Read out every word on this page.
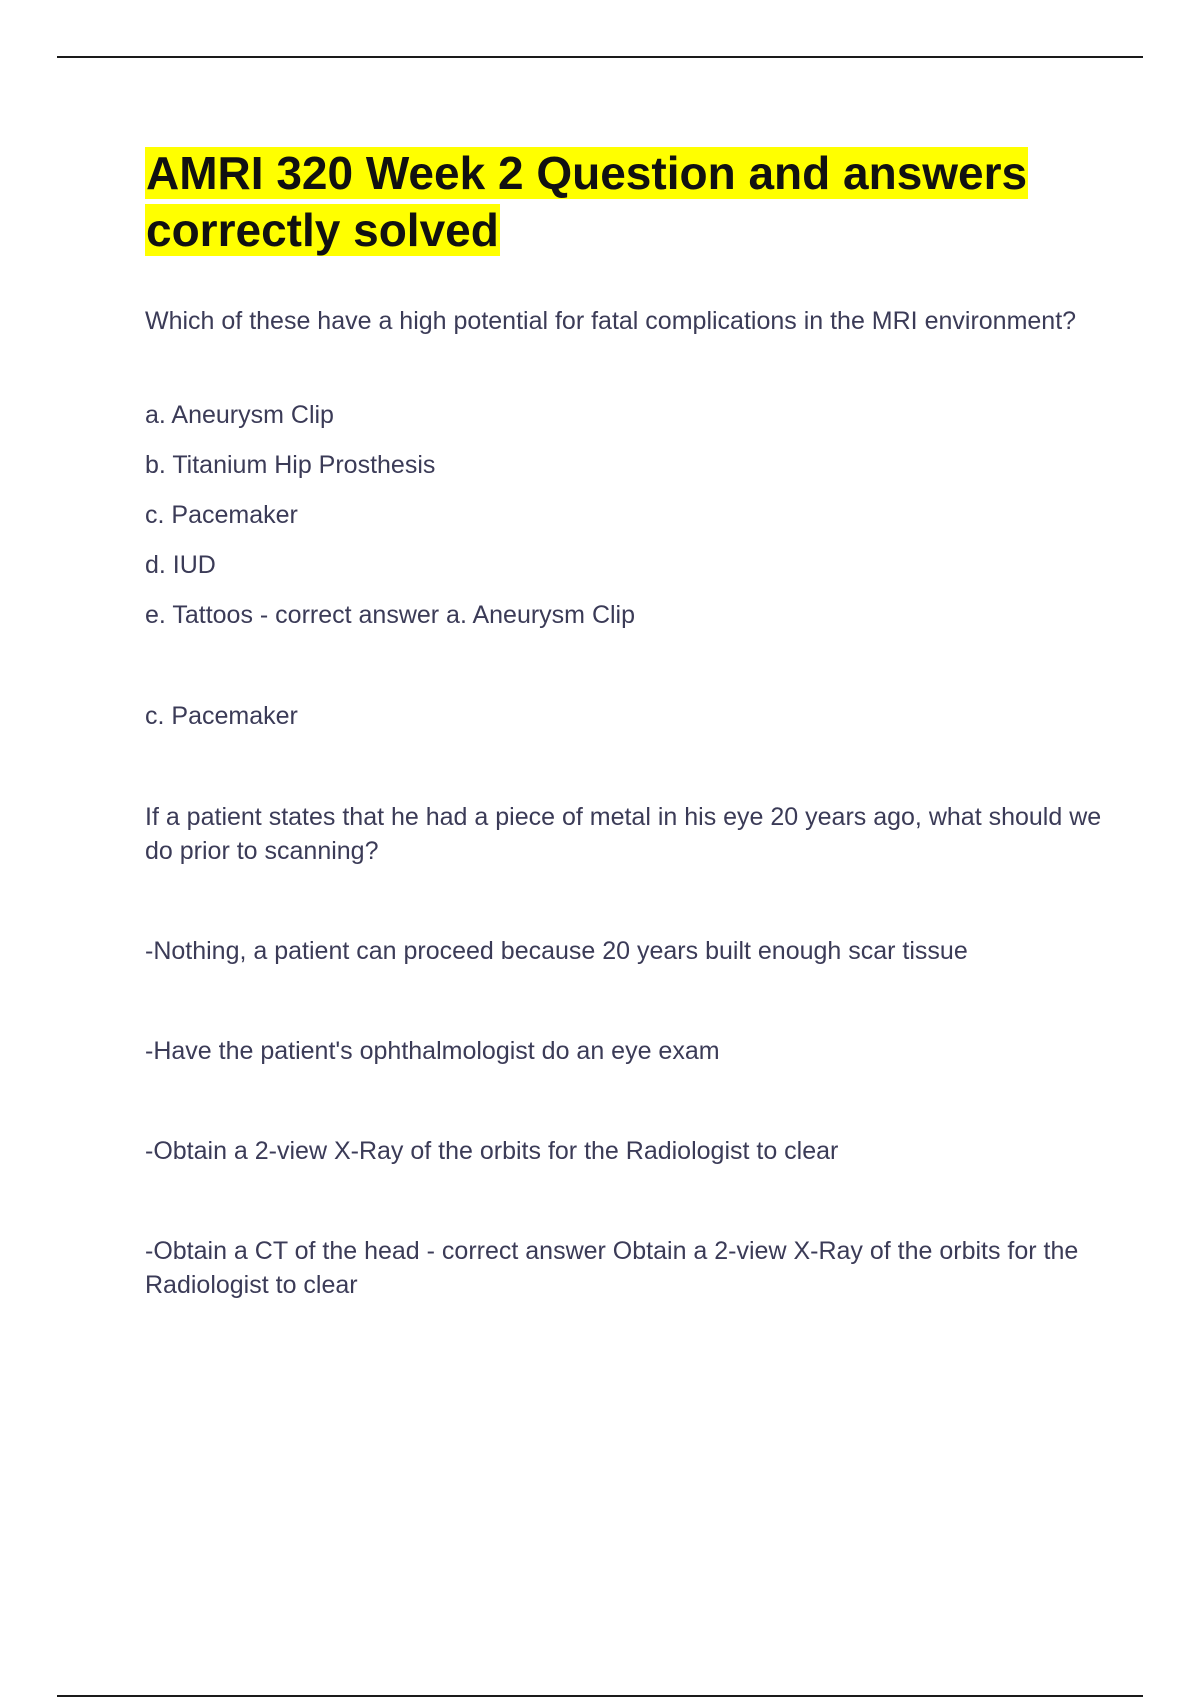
AMRI 320 Week 2 Question and answers correctly solved

Which of these have a high potential for fatal complications in the MRI environment?

a. Aneurysm Clip

b. Titanium Hip Prosthesis

c. Pacemaker

d. IUD

e. Tattoos - correct answer a. Aneurysm Clip

c. Pacemaker

If a patient states that he had a piece of metal in his eye 20 years ago, what should we do prior to scanning?

-Nothing, a patient can proceed because 20 years built enough scar tissue

-Have the patient's ophthalmologist do an eye exam

-Obtain a 2-view X-Ray of the orbits for the Radiologist to clear

-Obtain a CT of the head - correct answer Obtain a 2-view X-Ray of the orbits for the Radiologist to clear
